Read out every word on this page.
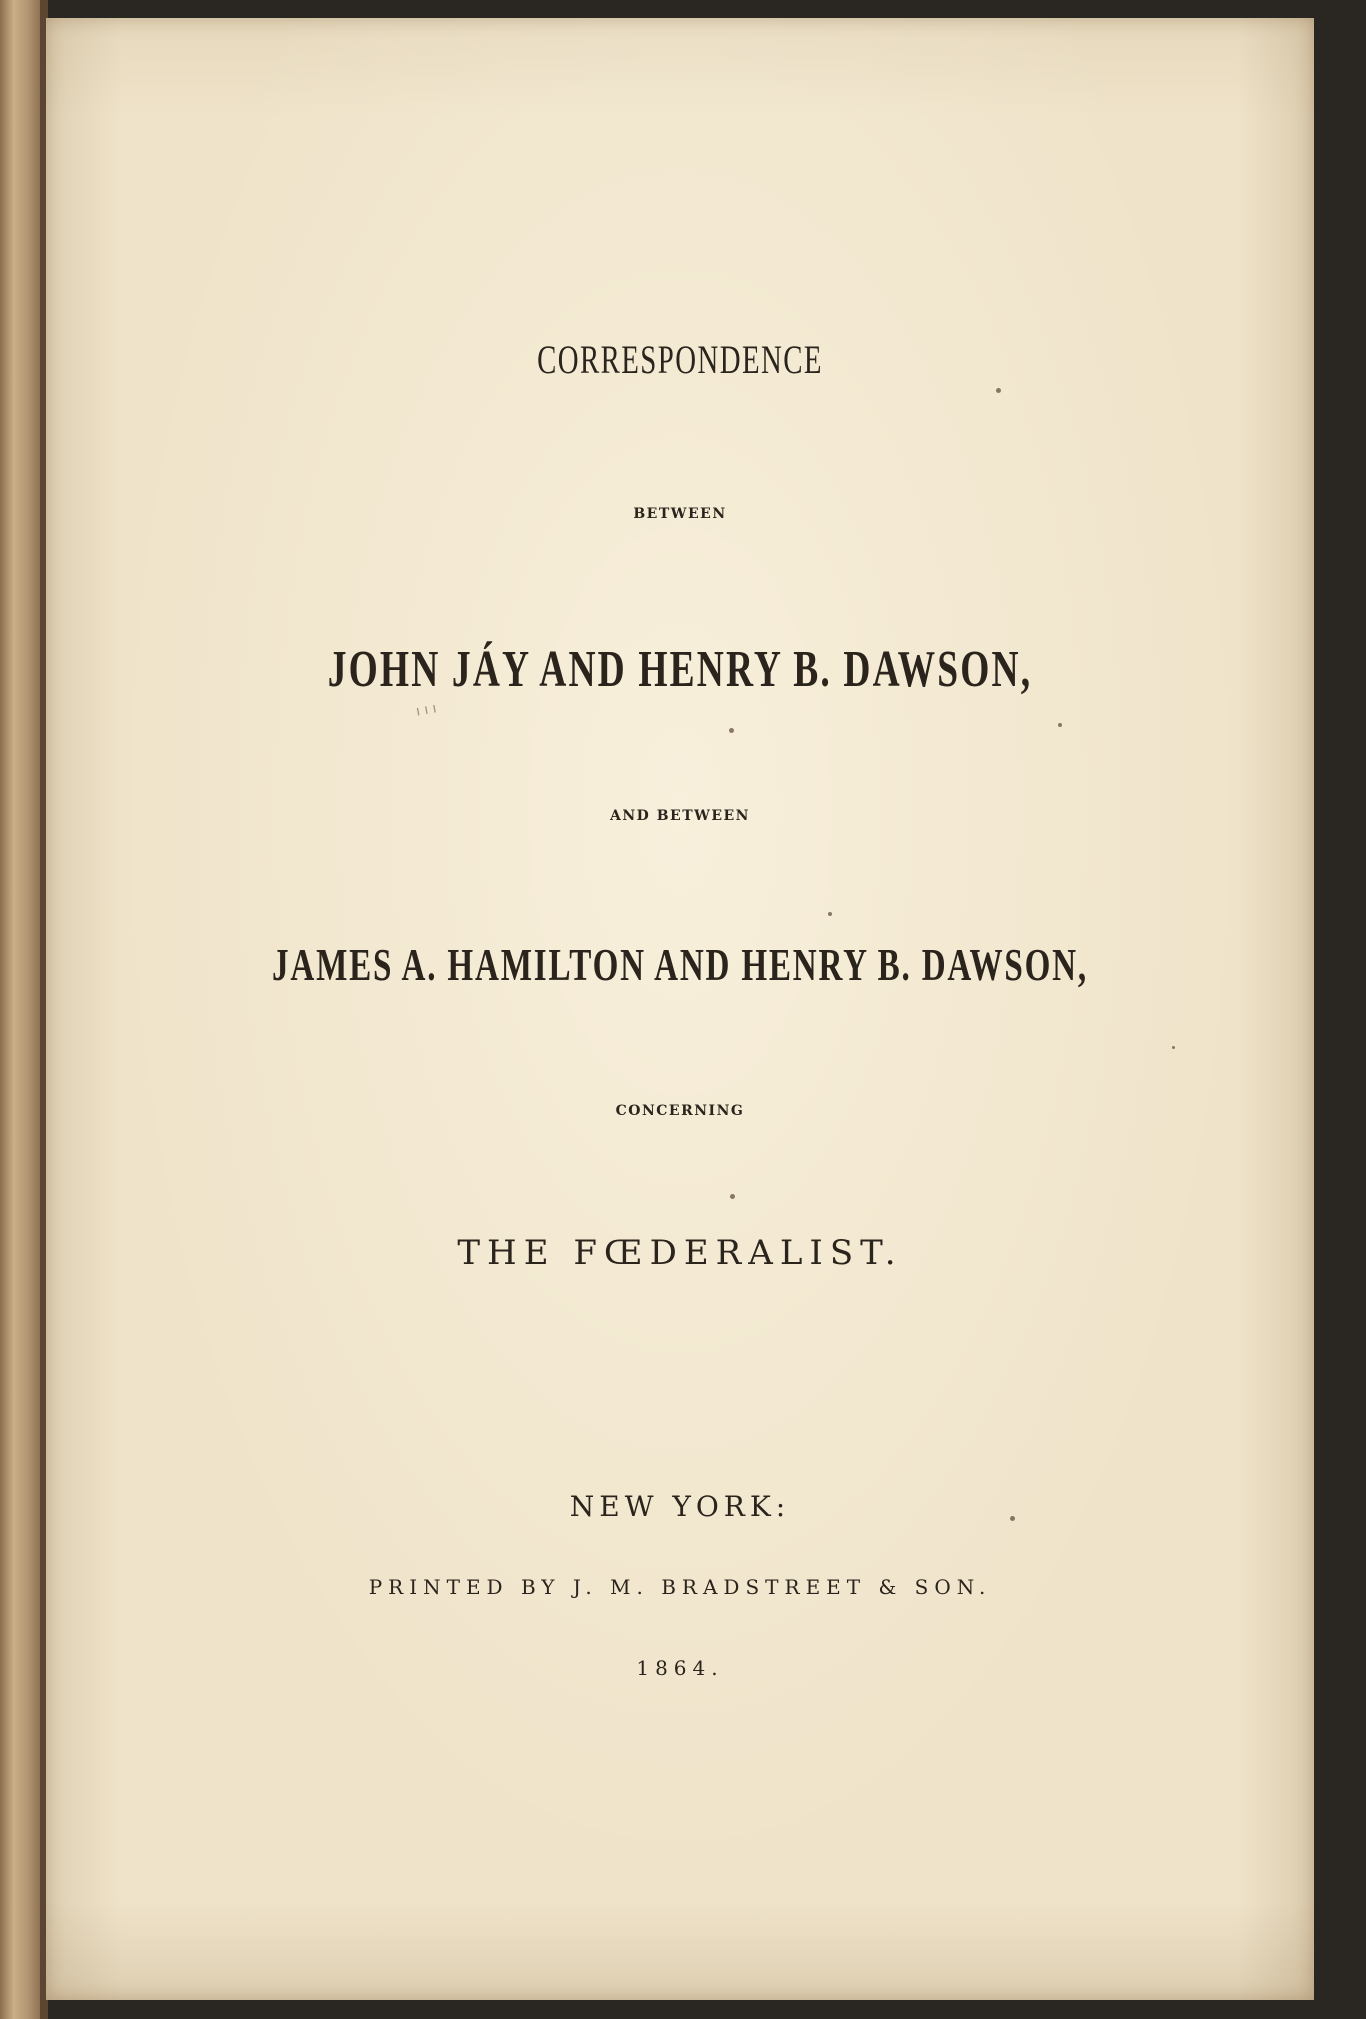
CORRESPONDENCE
BETWEEN
JOHN JÁY AND HENRY B. DAWSON,
AND BETWEEN
JAMES A. HAMILTON AND HENRY B. DAWSON,
CONCERNING
THE FŒDERALIST.
NEW YORK:
PRINTED BY J. M. BRADSTREET & SON.
1864.
ı ı ı
